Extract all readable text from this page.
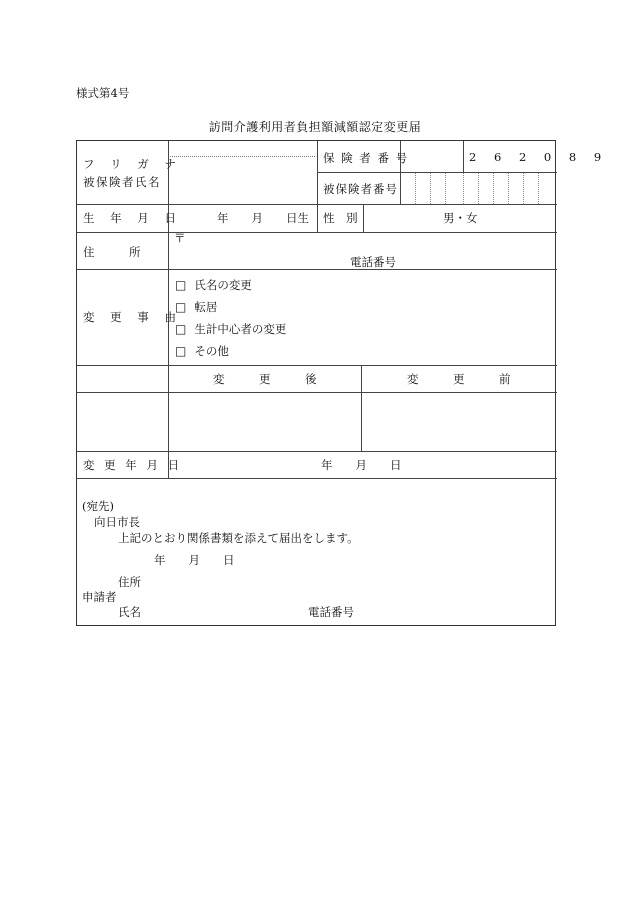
様式第4号
訪問介護利用者負担額減額認定変更届
フ リ ガ ナ
被保険者氏名
保 険 者 番 号	2 6 2 0 8 9
被保険者番号
生 年 月 日	年　　月　　日生 性 別	男・女
住　　　所
〒
電話番号
変 更 事 由
□ 氏名の変更
□ 転居
□ 生計中心者の変更
□ その他
変　　　更　　　後	変　　　更　　　前
変 更 年 月 日	年　　月　　日
(宛先)
向日市長
上記のとおり関係書類を添えて届出をします。
年　　月　　日
住所
申請者
氏名	電話番号
